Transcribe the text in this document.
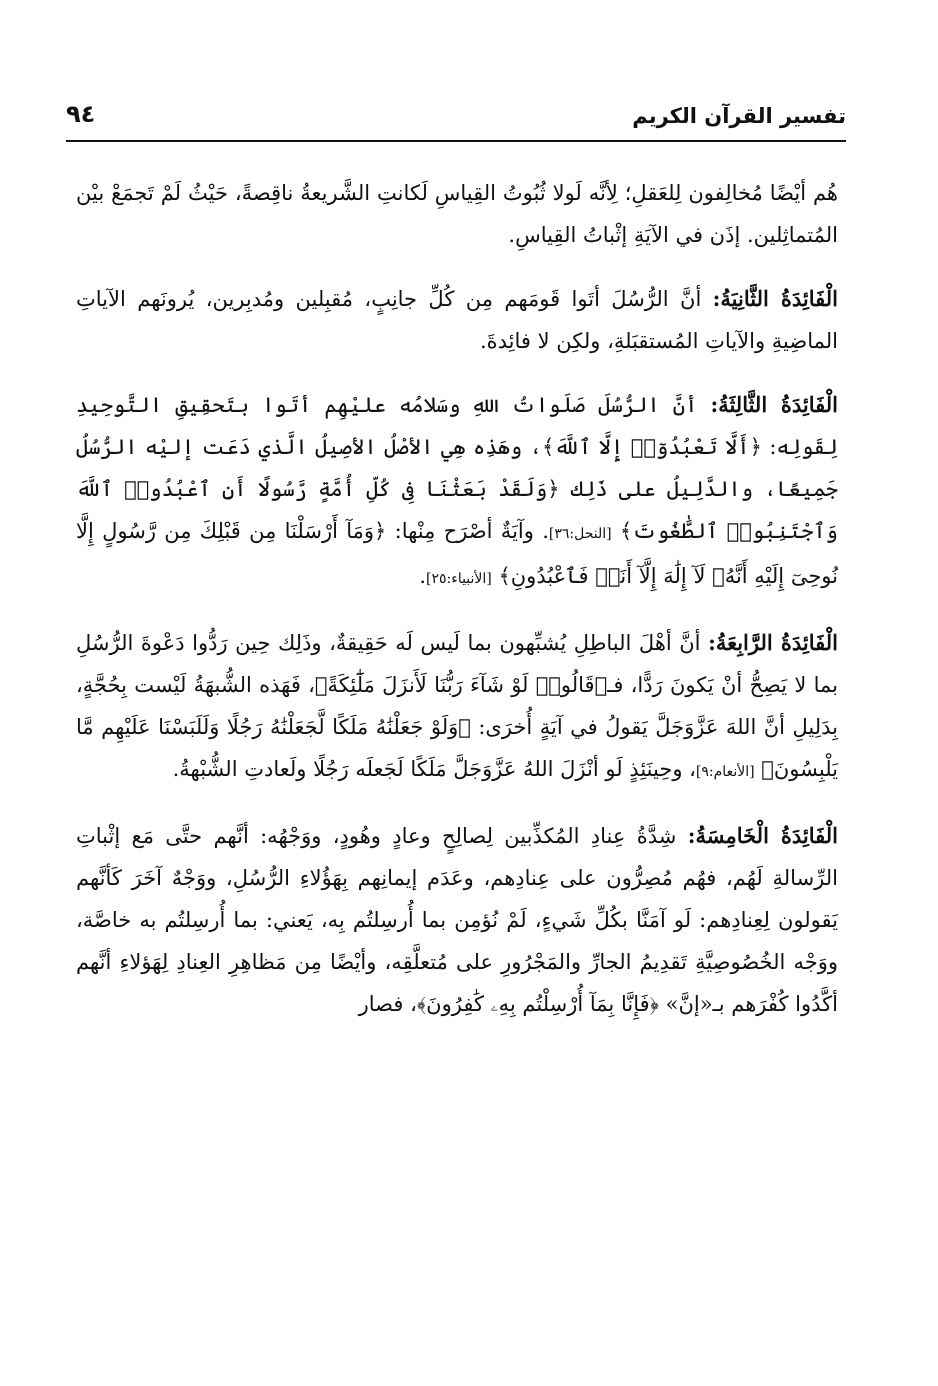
تفسير القرآن الكريم
٩٤

هُم أيْضًا مُخالِفون لِلعَقلِ؛ لِأنَّه لَولا ثُبُوتُ القِياسِ لَكانتِ الشَّريعةُ ناقِصةً، حَيْثُ لَمْ تَجمَعْ بيْن المُتماثِلين. إذَن في الآيَةِ إثْباتُ القِياسِ.

الْفَائِدَةُ الثَّانِيَةُ: أنَّ الرُّسُلَ أتَوا قَومَهم مِن كُلِّ جانِبٍ، مُقبِلين ومُدبِرين، يُرونَهم الآياتِ الماضِيةِ والآياتِ المُستقبَلةِ، ولكِن لا فائِدةَ.

الْفَائِدَةُ الثَّالِثَةُ: أنَّ الرُّسُلَ صَلَواتُ اللهِ وسَلامُه عليْهِم أتَوا بتَحقِيقِ التَّوحِيدِ لِقَولِه: ﴿أَلَّا تَعْبُدُوٓا۟ إِلَّا ٱللَّهَ﴾، وهَذِه هِي الأصْلُ الأصِيلُ الَّذي دَعَت إليْه الرُّسُلُ جَمِيعًا، والدَّلِيلُ على ذَلِك ﴿وَلَقَدْ بَعَثْنَا فِى كُلِّ أُمَّةٍ رَّسُولًا أَنِ ٱعْبُدُوا۟ ٱللَّهَ وَٱجْتَنِبُوا۟ ٱلطَّٰغُوتَ﴾ [النحل:٣٦]. وآيَةٌ أصْرَح مِنْها: ﴿وَمَآ أَرْسَلْنَا مِن قَبْلِكَ مِن رَّسُولٍ إِلَّا نُوحِىٓ إِلَيْهِ أَنَّهُۥ لَآ إِلَٰهَ إِلَّآ أَنَا۠ فَٱعْبُدُونِ﴾ [الأنبياء:٢٥].

الْفَائِدَةُ الرَّابِعَةُ: أنَّ أهْلَ الباطِلِ يُشبِّهون بما لَيس لَه حَقِيقةٌ، وذَلِك حِين رَدُّوا دَعْوةَ الرُّسُلِ بما لا يَصِحُّ أنْ يَكونَ رَدًّا، فـ﴿قَالُوا۟ لَوْ شَآءَ رَبُّنَا لَأَنزَلَ مَلَٰٓئِكَةً﴾، فَهَذه الشُّبهَةُ لَيْست بِحُجَّةٍ، بِدَلِيلِ أنَّ اللهَ عَزَّوَجَلَّ يَقولُ في آيَةٍ أُخرَى: ﴿وَلَوْ جَعَلْنَٰهُ مَلَكًا لَّجَعَلْنَٰهُ رَجُلًا وَلَلَبَسْنَا عَلَيْهِم مَّا يَلْبِسُونَ﴾ [الأنعام:٩]، وحِينَئِذٍ لَو أنْزَلَ اللهُ عَزَّوَجَلَّ مَلَكًا لَجَعلَه رَجُلًا ولَعادتِ الشُّبْهةُ.

الْفَائِدَةُ الْخَامِسَةُ: شِدَّةُ عِنادِ المُكذِّبين لِصالِحٍ وعادٍ وهُودٍ، ووَجْهُه: أنَّهم حتَّى مَع إثْباتِ الرِّسالةِ لَهُم، فهُم مُصِرُّون على عِنادِهم، وعَدَم إيمانِهم بِهَؤُلاءِ الرُّسُلِ، ووَجْهٌ آخَرَ كَأنَّهم يَقولون لِعِنادِهم: لَو آمَنَّا بكُلِّ شَيءٍ، لَمْ نُؤمِن بما أُرسِلتُم بِه، يَعني: بما أُرسِلتُم به خاصَّة، ووَجْه الخُصُوصِيَّةِ تَقدِيمُ الجارِّ والمَجْرُورِ على مُتعلَّقِه، وأيْضًا مِن مَظاهِرِ العِنادِ لِهَؤلاءِ أنَّهم أكَّدُوا كُفْرَهم بـ«إنَّ» ﴿فَإِنَّا بِمَآ أُرْسِلْتُم بِهِۦ كَٰفِرُونَ﴾، فصار
